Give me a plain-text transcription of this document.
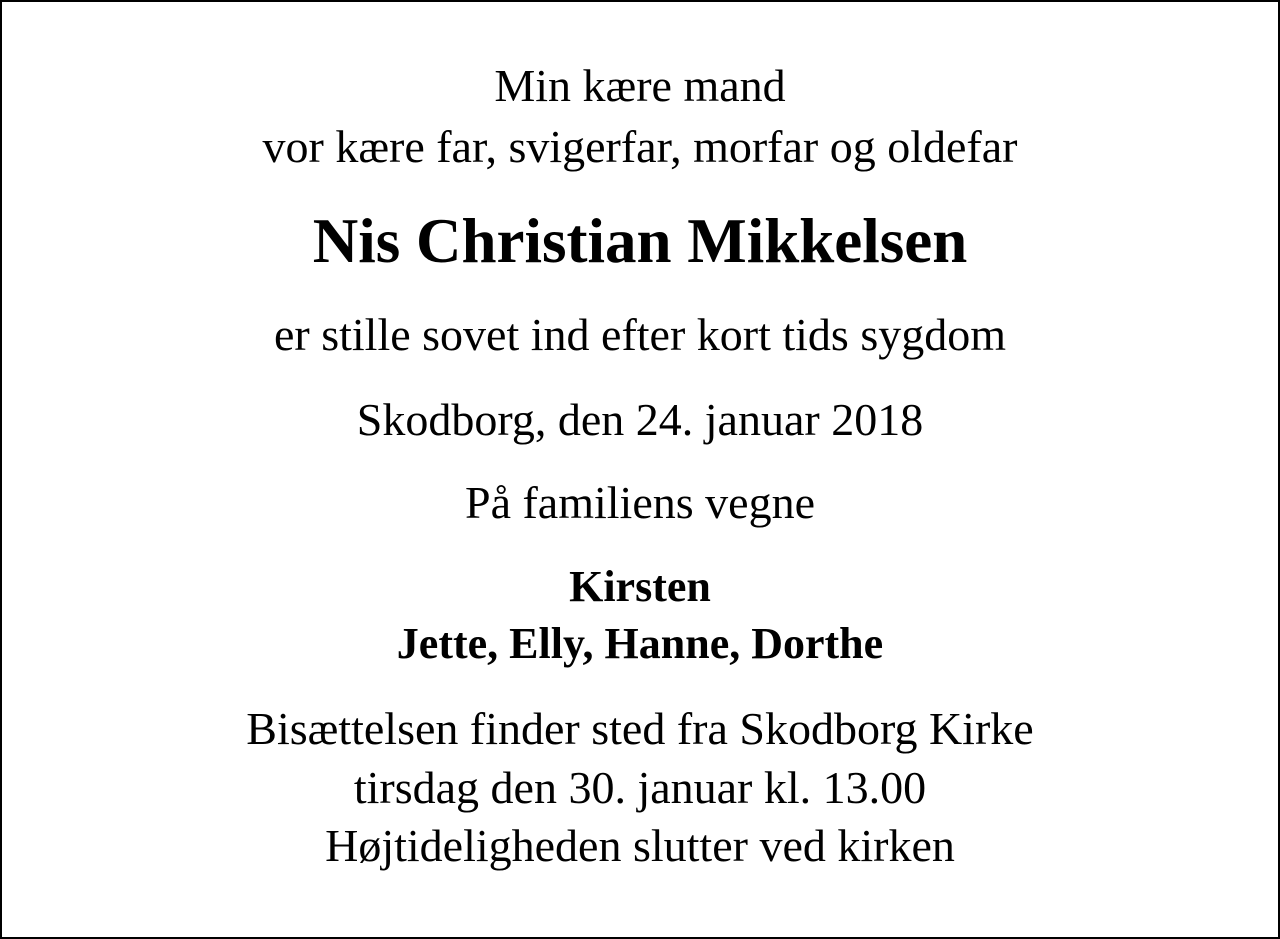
Min kære mand

vor kære far, svigerfar, morfar og oldefar

Nis Christian Mikkelsen

er stille sovet ind efter kort tids sygdom

Skodborg, den 24. januar 2018

På familiens vegne

Kirsten

Jette, Elly, Hanne, Dorthe

Bisættelsen finder sted fra Skodborg Kirke

tirsdag den 30. januar kl. 13.00

Højtideligheden slutter ved kirken
